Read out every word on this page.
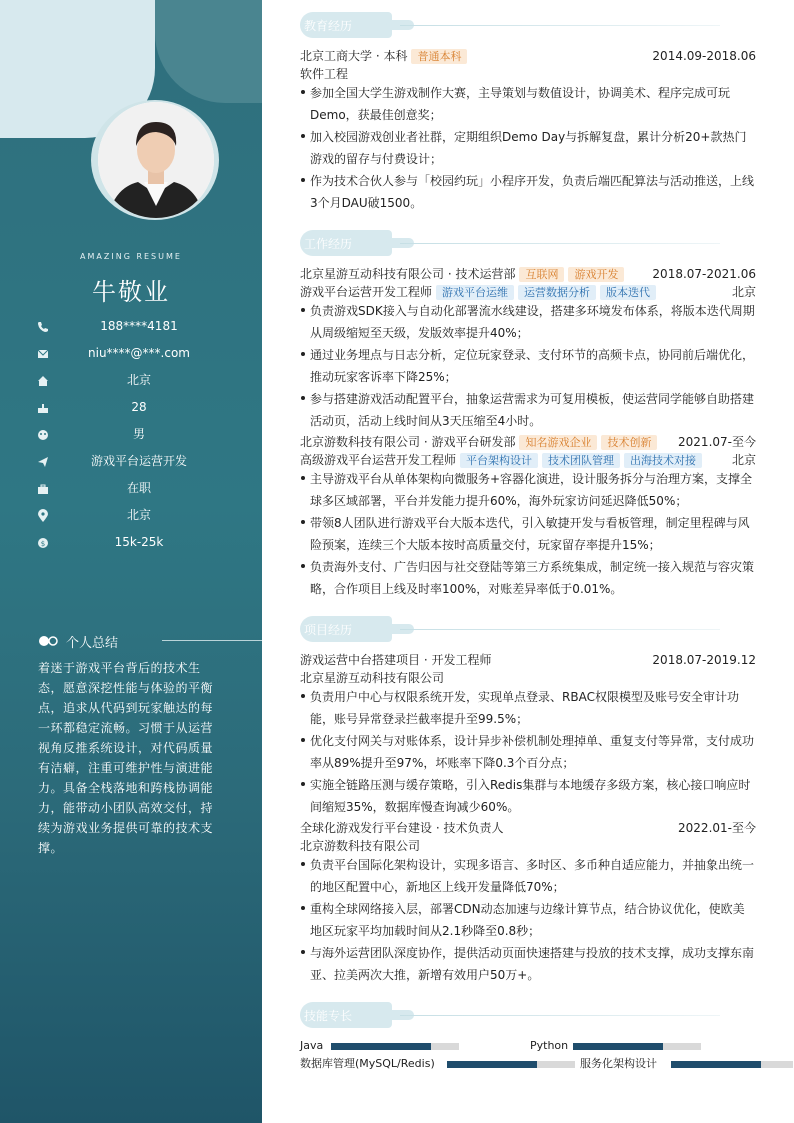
AMAZING RESUME
牛敬业
188****4181
niu****@***.com
北京
28
男
游戏平台运营开发
在职
北京
$	15k-25k
个人总结
着迷于游戏平台背后的技术生态，愿意深挖性能与体验的平衡点，追求从代码到玩家触达的每一环都稳定流畅。习惯于从运营视角反推系统设计，对代码质量有洁癖，注重可维护性与演进能力。具备全栈落地和跨栈协调能力，能带动小团队高效交付，持续为游戏业务提供可靠的技术支撑。
教育经历
北京工商大学 · 本科 普通本科	2014.09-2018.06
软件工程
参加全国大学生游戏制作大赛，主导策划与数值设计，协调美术、程序完成可玩Demo，获最佳创意奖；
加入校园游戏创业者社群，定期组织Demo Day与拆解复盘，累计分析20+款热门游戏的留存与付费设计；
作为技术合伙人参与「校园约玩」小程序开发，负责后端匹配算法与活动推送，上线3个月DAU破1500。
工作经历
北京星游互动科技有限公司 · 技术运营部 互联网 游戏开发	2018.07-2021.06
游戏平台运营开发工程师 游戏平台运维 运营数据分析 版本迭代	北京
负责游戏SDK接入与自动化部署流水线建设，搭建多环境发布体系，将版本迭代周期从周级缩短至天级，发版效率提升40%；
通过业务埋点与日志分析，定位玩家登录、支付环节的高频卡点，协同前后端优化，推动玩家客诉率下降25%；
参与搭建游戏活动配置平台，抽象运营需求为可复用模板，使运营同学能够自助搭建活动页，活动上线时间从3天压缩至4小时。
北京游数科技有限公司 · 游戏平台研发部 知名游戏企业 技术创新 2021.07-至今
高级游戏平台运营开发工程师 平台架构设计 技术团队管理 出海技术对接	北京
主导游戏平台从单体架构向微服务+容器化演进，设计服务拆分与治理方案，支撑全球多区域部署，平台并发能力提升60%，海外玩家访问延迟降低50%；
带领8人团队进行游戏平台大版本迭代，引入敏捷开发与看板管理，制定里程碑与风险预案，连续三个大版本按时高质量交付，玩家留存率提升15%；
负责海外支付、广告归因与社交登陆等第三方系统集成，制定统一接入规范与容灾策略，合作项目上线及时率100%，对账差异率低于0.01%。
项目经历
游戏运营中台搭建项目 · 开发工程师	2018.07-2019.12
北京星游互动科技有限公司
负责用户中心与权限系统开发，实现单点登录、RBAC权限模型及账号安全审计功能，账号异常登录拦截率提升至99.5%；
优化支付网关与对账体系，设计异步补偿机制处理掉单、重复支付等异常，支付成功率从89%提升至97%，坏账率下降0.3个百分点；
实施全链路压测与缓存策略，引入Redis集群与本地缓存多级方案，核心接口响应时间缩短35%，数据库慢查询减少60%。
全球化游戏发行平台建设 · 技术负责人	2022.01-至今
北京游数科技有限公司
负责平台国际化架构设计，实现多语言、多时区、多币种自适应能力，并抽象出统一的地区配置中心，新地区上线开发量降低70%；
重构全球网络接入层，部署CDN动态加速与边缘计算节点，结合协议优化，使欧美地区玩家平均加载时间从2.1秒降至0.8秒；
与海外运营团队深度协作，提供活动页面快速搭建与投放的技术支撑，成功支撑东南亚、拉美两次大推，新增有效用户50万+。
技能专长
Java	Python
数据库管理(MySQL/Redis)	服务化架构设计
